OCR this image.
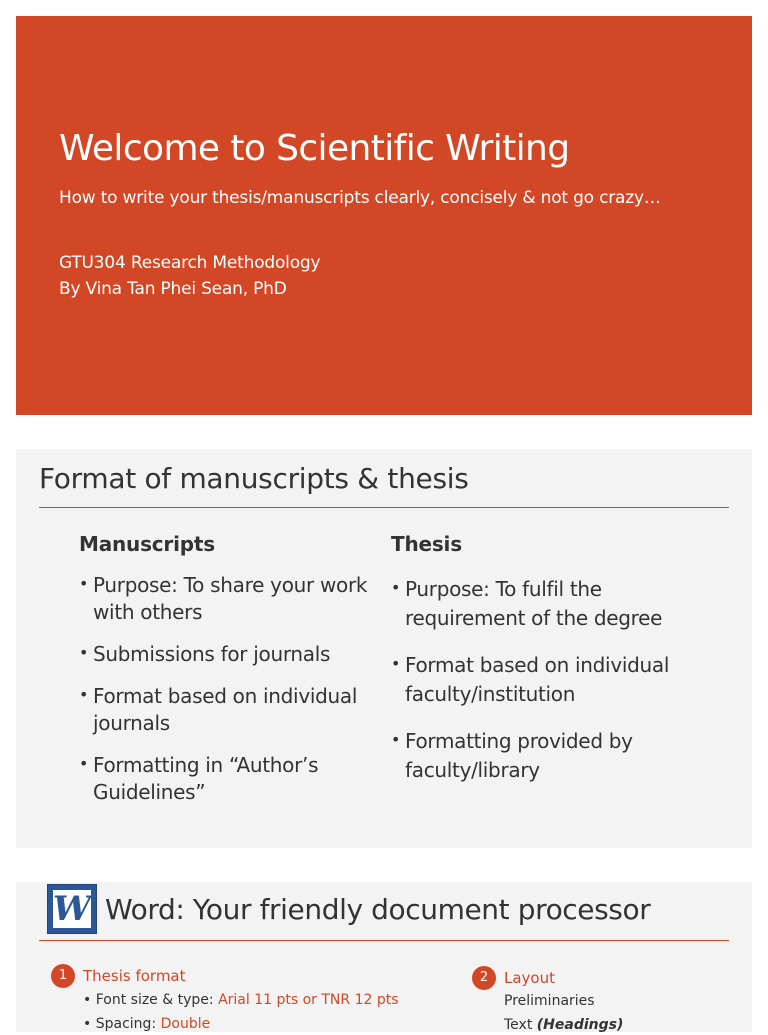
Welcome to Scientific Writing
How to write your thesis/manuscripts clearly, concisely & not go crazy…
GTU304 Research Methodology
By Vina Tan Phei Sean, PhD
Format of manuscripts & thesis
Manuscripts
• Purpose: To share your work with others
• Submissions for journals
• Format based on individual journals
• Formatting in “Author’s Guidelines”
Thesis
• Purpose: To fulfil the requirement of the degree
• Format based on individual faculty/institution
• Formatting provided by faculty/library
W Word: Your friendly document processor
1	Thesis format
• Font size & type: Arial 11 pts or TNR 12 pts
• Spacing: Double
2	Layout
Preliminaries
Text (Headings)
